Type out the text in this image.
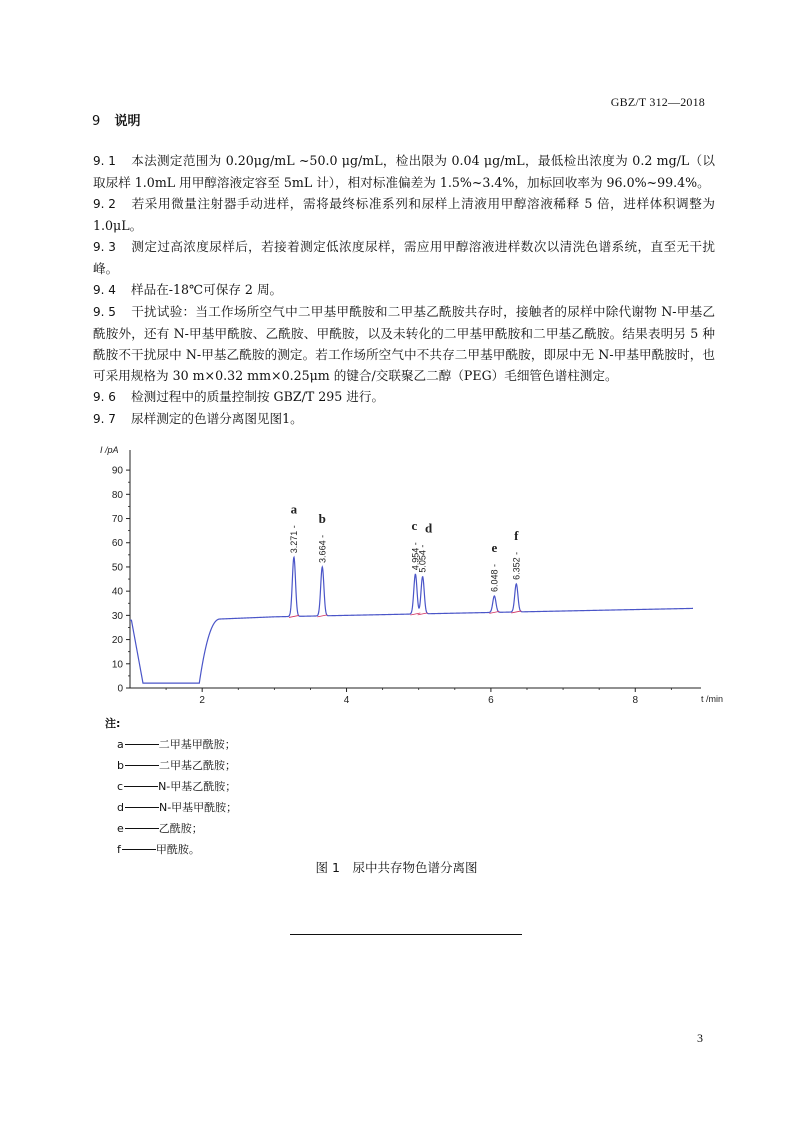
GBZ/T 312—2018
9 说明

9. 1 本法测定范围为 0.20μg/mL ~50.0 μg/mL，检出限为 0.04 μg/mL，最低检出浓度为 0.2 mg/L（以取尿样 1.0mL 用甲醇溶液定容至 5mL 计），相对标准偏差为 1.5%~3.4%，加标回收率为 96.0%~99.4%。

9. 2 若采用微量注射器手动进样，需将最终标准系列和尿样上清液用甲醇溶液稀释 5 倍，进样体积调整为 1.0μL。

9. 3 测定过高浓度尿样后，若接着测定低浓度尿样，需应用甲醇溶液进样数次以清洗色谱系统，直至无干扰峰。

9. 4 样品在-18℃可保存 2 周。

9. 5 干扰试验：当工作场所空气中二甲基甲酰胺和二甲基乙酰胺共存时，接触者的尿样中除代谢物 N-甲基乙酰胺外，还有 N-甲基甲酰胺、乙酰胺、甲酰胺，以及未转化的二甲基甲酰胺和二甲基乙酰胺。结果表明另 5 种酰胺不干扰尿中 N-甲基乙酰胺的测定。若工作场所空气中不共存二甲基甲酰胺，即尿中无 N-甲基甲酰胺时，也可采用规格为 30 m×0.32 mm×0.25μm 的键合/交联聚乙二醇（PEG）毛细管色谱柱测定。

9. 6 检测过程中的质量控制按 GBZ/T 295 进行。

9. 7 尿样测定的色谱分离图见图1。

I /pA
t /min
0
10
20
30
40
50
60
70
80
90
2	4	6	8
3.271 -
a
3.664 -
b
4.954 -
c
5.054 -
d
6.048 -
e
6.352 -
f
注:
a	二甲基甲酰胺；
b	二甲基乙酰胺；
c	N-甲基乙酰胺；
d	N-甲基甲酰胺；
e	乙酰胺；
f	甲酰胺。
图 1　尿中共存物色谱分离图
3
